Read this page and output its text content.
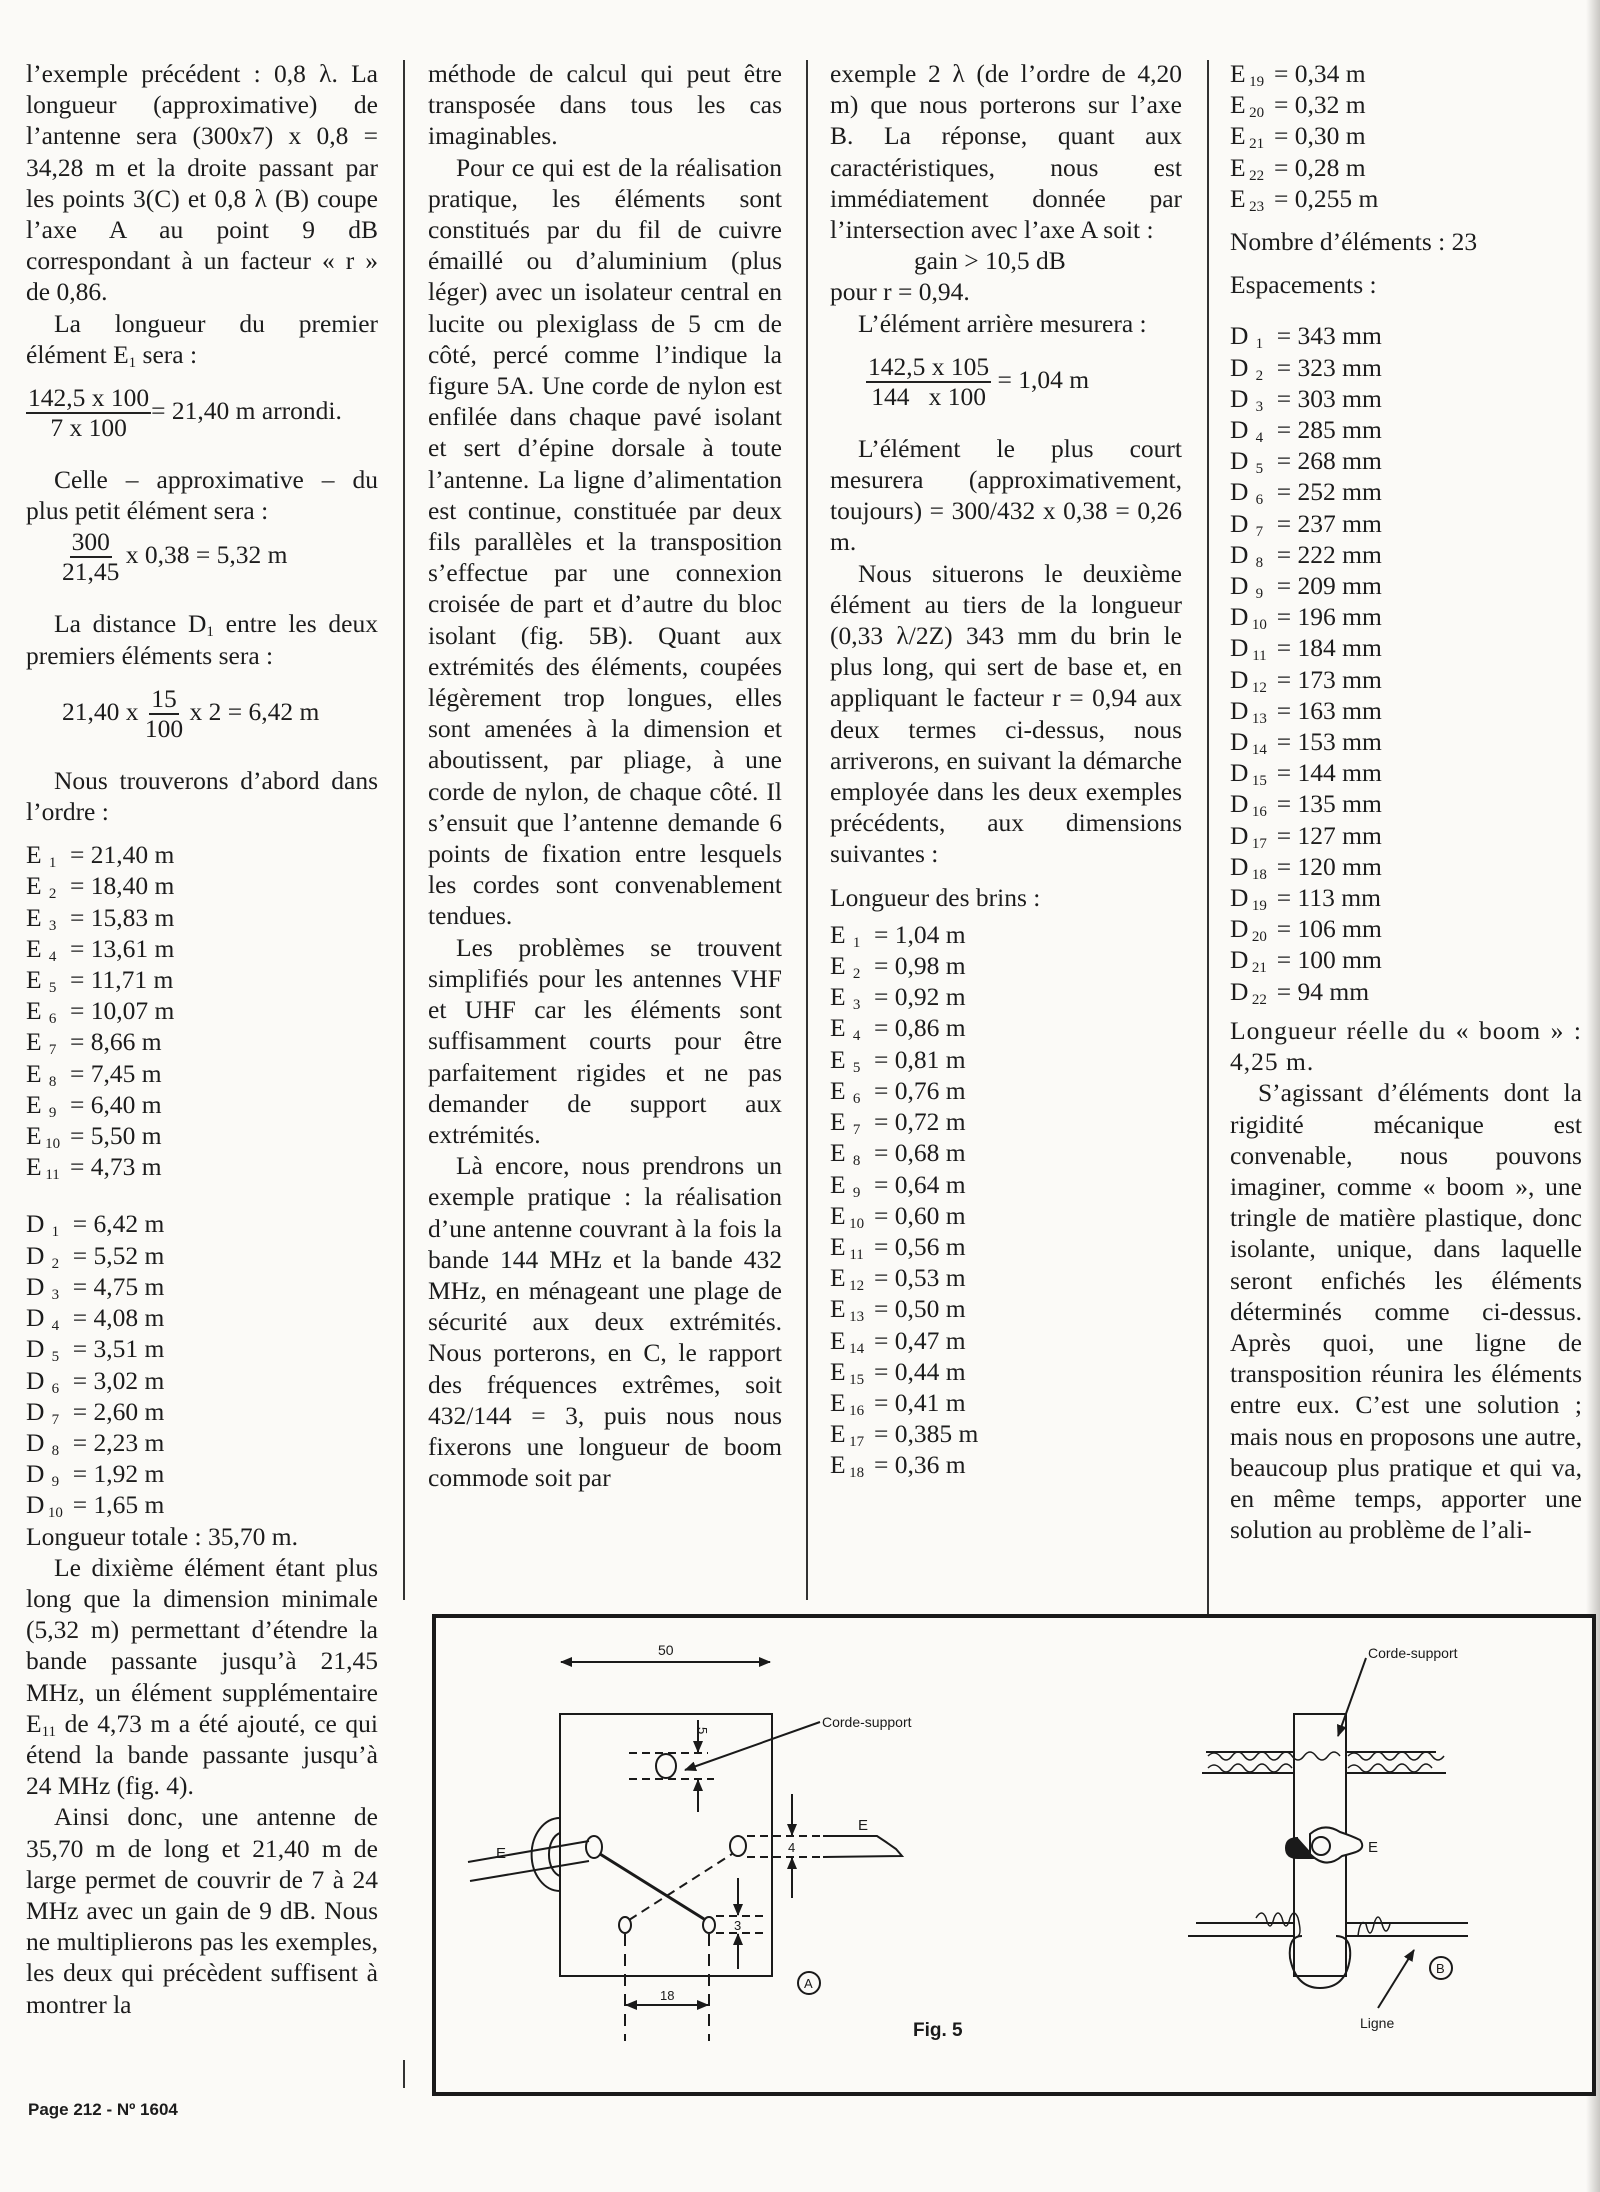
l’exemple précédent : 0,8 λ. La longueur (approximative) de l’antenne sera (300x7) x 0,8 = 34,28 m et la droite passant par les points 3(C) et 0,8 λ (B) coupe l’axe A au point 9 dB correspondant à un facteur « r » de 0,86.

La longueur du premier élément $E_1$ sera :

$\frac{142,5 x 100}{7 x 100} = 21,40$ m arrondi.

Celle – approximative – du plus petit élément sera :

$\frac{300}{21,45}$ x 0,38 = 5,32 m

La distance $D_1$ entre les deux premiers éléments sera :

21,40 x $\frac{15}{100}$ x 2 = 6,42 m

Nous trouverons d’abord dans l’ordre :

E $_1$ = 21,40 m
E $_2$ = 18,40 m
E $_3$ = 15,83 m
E $_4$ = 13,61 m
E $_5$ = 11,71 m
E $_6$ = 10,07 m
E $_7$ = 8,66 m
E $_8$ = 7,45 m
E $_9$ = 6,40 m
E $_{10}$ = 5,50 m
E $_{11}$ = 4,73 m
D $_1$ = 6,42 m
D $_2$ = 5,52 m
D $_3$ = 4,75 m
D $_4$ = 4,08 m
D $_5$ = 3,51 m
D $_6$ = 3,02 m
D $_7$ = 2,60 m
D $_8$ = 2,23 m
D $_9$ = 1,92 m
D $_{10}$ = 1,65 m

Longueur totale : 35,70 m.

Le dixième élément étant plus long que la dimension minimale (5,32 m) permettant d’étendre la bande passante jusqu’à 21,45 MHz, un élément supplémentaire $E_{11}$ de 4,73 m a été ajouté, ce qui étend la bande passante jusqu’à 24 MHz (fig. 4).

Ainsi donc, une antenne de 35,70 m de long et 21,40 m de large permet de couvrir de 7 à 24 MHz avec un gain de 9 dB. Nous ne multiplierons pas les exemples, les deux qui précèdent suffisent à montrer la

méthode de calcul qui peut être transposée dans tous les cas imaginables.

Pour ce qui est de la réalisation pratique, les éléments sont constitués par du fil de cuivre émaillé ou d’aluminium (plus léger) avec un isolateur central en lucite ou plexiglass de 5 cm de côté, percé comme l’indique la figure 5A. Une corde de nylon est enfilée dans chaque pavé isolant et sert d’épine dorsale à toute l’antenne. La ligne d’alimentation est continue, constituée par deux fils parallèles et la transposition s’effectue par une connexion croisée de part et d’autre du bloc isolant (fig. 5B). Quant aux extrémités des éléments, coupées légèrement trop longues, elles sont amenées à la dimension et aboutissent, par pliage, à une corde de nylon, de chaque côté. Il s’ensuit que l’antenne demande 6 points de fixation entre lesquels les cordes sont convenablement tendues.

Les problèmes se trouvent simplifiés pour les antennes VHF et UHF car les éléments sont suffisamment courts pour être parfaitement rigides et ne pas demander de support aux extrémités.

Là encore, nous prendrons un exemple pratique : la réalisation d’une antenne couvrant à la fois la bande 144 MHz et la bande 432 MHz, en ménageant une plage de sécurité aux deux extrémités. Nous porterons, en C, le rapport des fréquences extrêmes, soit 432/144 = 3, puis nous nous fixerons une longueur de boom commode soit par

exemple 2 λ (de l’ordre de 4,20 m) que nous porterons sur l’axe B. La réponse, quant aux caractéristiques, nous est immédiatement donnée par l’intersection avec l’axe A soit :

gain > 10,5 dB
pour r = 0,94.

L’élément arrière mesurera :

$\frac{142,5 x 105}{144 x 100} = 1,04$ m

L’élément le plus court mesurera (approximativement, toujours) = 300/432 x 0,38 = 0,26 m.

Nous situerons le deuxième élément au tiers de la longueur (0,33 λ/2Z) 343 mm du brin le plus long, qui sert de base et, en appliquant le facteur r = 0,94 aux deux termes ci-dessus, nous arriverons, en suivant la démarche employée dans les deux exemples précédents, aux dimensions suivantes :

Longueur des brins :
E $_1$ = 1,04 m
E $_2$ = 0,98 m
E $_3$ = 0,92 m
E $_4$ = 0,86 m
E $_5$ = 0,81 m
E $_6$ = 0,76 m
E $_7$ = 0,72 m
E $_8$ = 0,68 m
E $_9$ = 0,64 m
E $_{10}$ = 0,60 m
E $_{11}$ = 0,56 m
E $_{12}$ = 0,53 m
E $_{13}$ = 0,50 m
E $_{14}$ = 0,47 m
E $_{15}$ = 0,44 m
E $_{16}$ = 0,41 m
E $_{17}$ = 0,385 m
E $_{18}$ = 0,36 m
E $_{19}$ = 0,34 m
E $_{20}$ = 0,32 m
E $_{21}$ = 0,30 m
E $_{22}$ = 0,28 m
E $_{23}$ = 0,255 m
Nombre d’éléments : 23
Espacements :
D $_1$ = 343 mm
D $_2$ = 323 mm
D $_3$ = 303 mm
D $_4$ = 285 mm
D $_5$ = 268 mm
D $_6$ = 252 mm
D $_7$ = 237 mm
D $_8$ = 222 mm
D $_9$ = 209 mm
D $_{10}$ = 196 mm
D $_{11}$ = 184 mm
D $_{12}$ = 173 mm
D $_{13}$ = 163 mm
D $_{14}$ = 153 mm
D $_{15}$ = 144 mm
D $_{16}$ = 135 mm
D $_{17}$ = 127 mm
D $_{18}$ = 120 mm
D $_{19}$ = 113 mm
D $_{20}$ = 106 mm
D $_{21}$ = 100 mm
D $_{22}$ = 94 mm

Longueur réelle du « boom » : 4,25 m.

S’agissant d’éléments dont la rigidité mécanique est convenable, nous pouvons imaginer, comme « boom », une tringle de matière plastique, donc isolante, unique, dans laquelle seront enfichés les éléments déterminés comme ci-dessus. Après quoi, une ligne de transposition réunira les éléments entre eux. C’est une solution ; mais nous en proposons une autre, beaucoup plus pratique et qui va, en même temps, apporter une solution au problème de l’ali-

50
5
Corde-support
E
E
4
3
18
A
Fig. 5
Corde-support
E
Ligne
B
Page 212 - Nº 1604
